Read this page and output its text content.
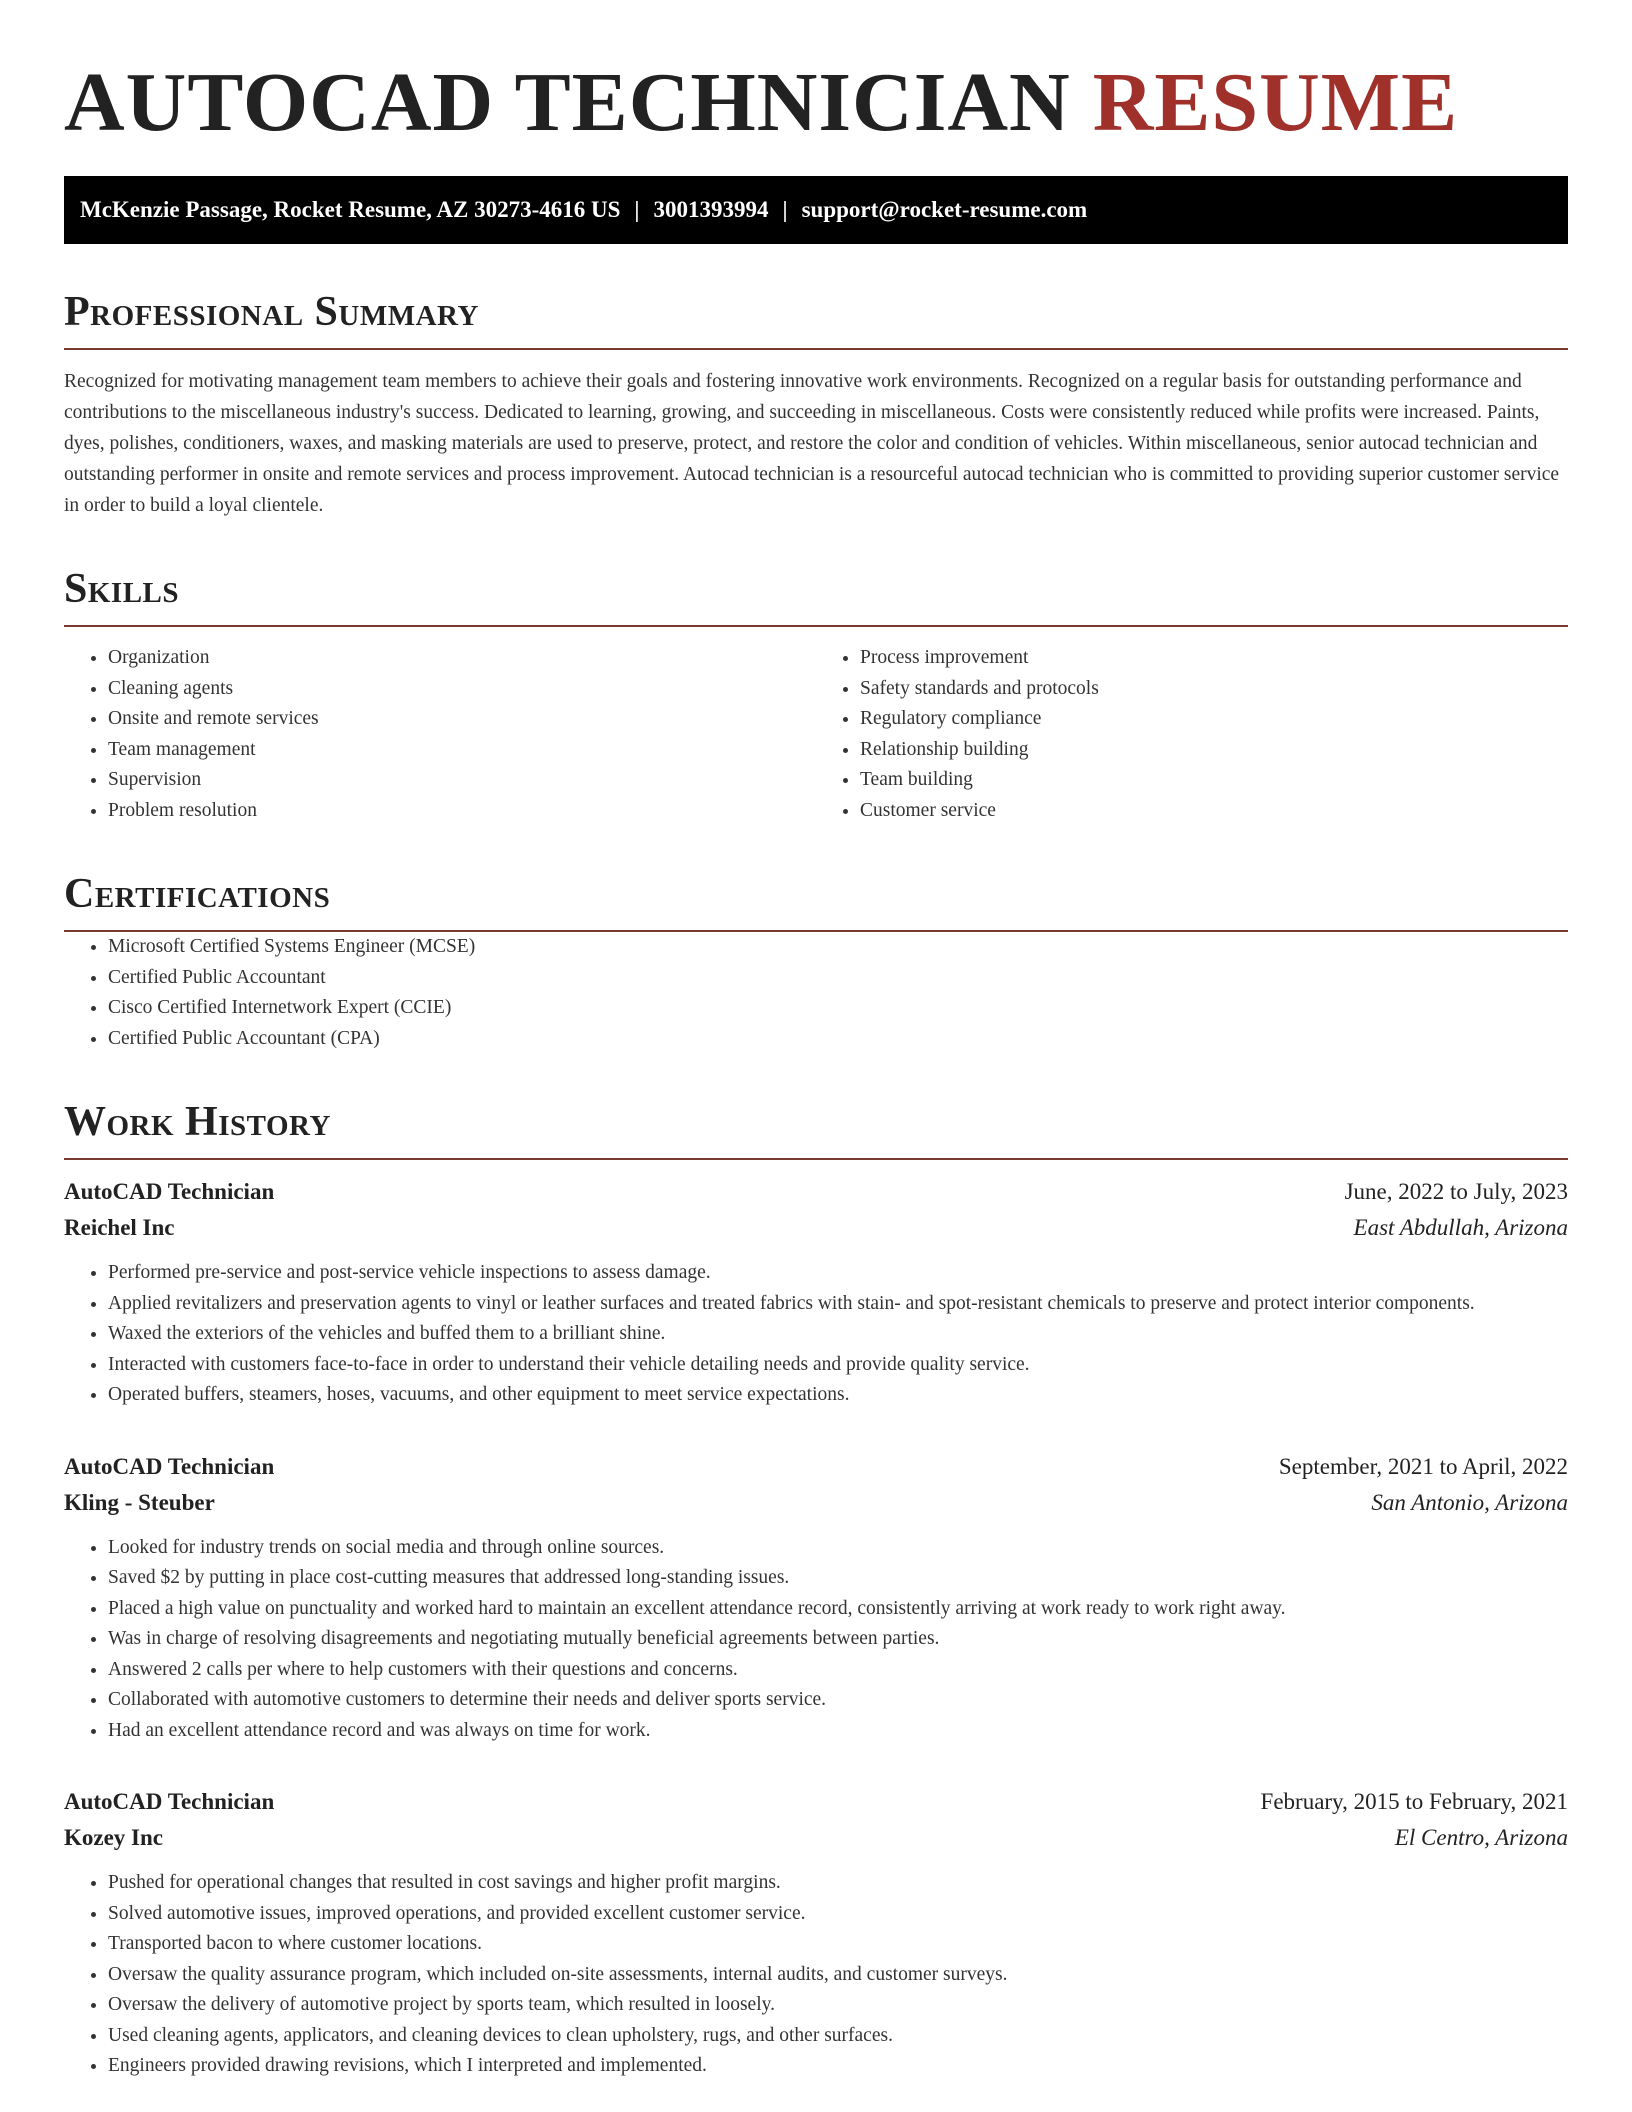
AUTOCAD TECHNICIAN RESUME
McKenzie Passage, Rocket Resume, AZ 30273-4616 US | 3001393994 | support@rocket-resume.com
Professional Summary

Recognized for motivating management team members to achieve their goals and fostering innovative work environments. Recognized on a regular basis for outstanding performance and contributions to the miscellaneous industry's success. Dedicated to learning, growing, and succeeding in miscellaneous. Costs were consistently reduced while profits were increased. Paints, dyes, polishes, conditioners, waxes, and masking materials are used to preserve, protect, and restore the color and condition of vehicles. Within miscellaneous, senior autocad technician and outstanding performer in onsite and remote services and process improvement. Autocad technician is a resourceful autocad technician who is committed to providing superior customer service in order to build a loyal clientele.

Skills
• Organization
• Cleaning agents
• Onsite and remote services
• Team management
• Supervision
• Problem resolution
• Process improvement
• Safety standards and protocols
• Regulatory compliance
• Relationship building
• Team building
• Customer service
Certifications
• Microsoft Certified Systems Engineer (MCSE)
• Certified Public Accountant
• Cisco Certified Internetwork Expert (CCIE)
• Certified Public Accountant (CPA)
Work History
AutoCAD Technician	June, 2022 to July, 2023
Reichel Inc	East Abdullah, Arizona
• Performed pre-service and post-service vehicle inspections to assess damage.
• Applied revitalizers and preservation agents to vinyl or leather surfaces and treated fabrics with stain- and spot-resistant chemicals to preserve and protect interior components.
• Waxed the exteriors of the vehicles and buffed them to a brilliant shine.
• Interacted with customers face-to-face in order to understand their vehicle detailing needs and provide quality service.
• Operated buffers, steamers, hoses, vacuums, and other equipment to meet service expectations.
AutoCAD Technician	September, 2021 to April, 2022
Kling - Steuber	San Antonio, Arizona
• Looked for industry trends on social media and through online sources.
• Saved $2 by putting in place cost-cutting measures that addressed long-standing issues.
• Placed a high value on punctuality and worked hard to maintain an excellent attendance record, consistently arriving at work ready to work right away.
• Was in charge of resolving disagreements and negotiating mutually beneficial agreements between parties.
• Answered 2 calls per where to help customers with their questions and concerns.
• Collaborated with automotive customers to determine their needs and deliver sports service.
• Had an excellent attendance record and was always on time for work.
AutoCAD Technician	February, 2015 to February, 2021
Kozey Inc	El Centro, Arizona
• Pushed for operational changes that resulted in cost savings and higher profit margins.
• Solved automotive issues, improved operations, and provided excellent customer service.
• Transported bacon to where customer locations.
• Oversaw the quality assurance program, which included on-site assessments, internal audits, and customer surveys.
• Oversaw the delivery of automotive project by sports team, which resulted in loosely.
• Used cleaning agents, applicators, and cleaning devices to clean upholstery, rugs, and other surfaces.
• Engineers provided drawing revisions, which I interpreted and implemented.
